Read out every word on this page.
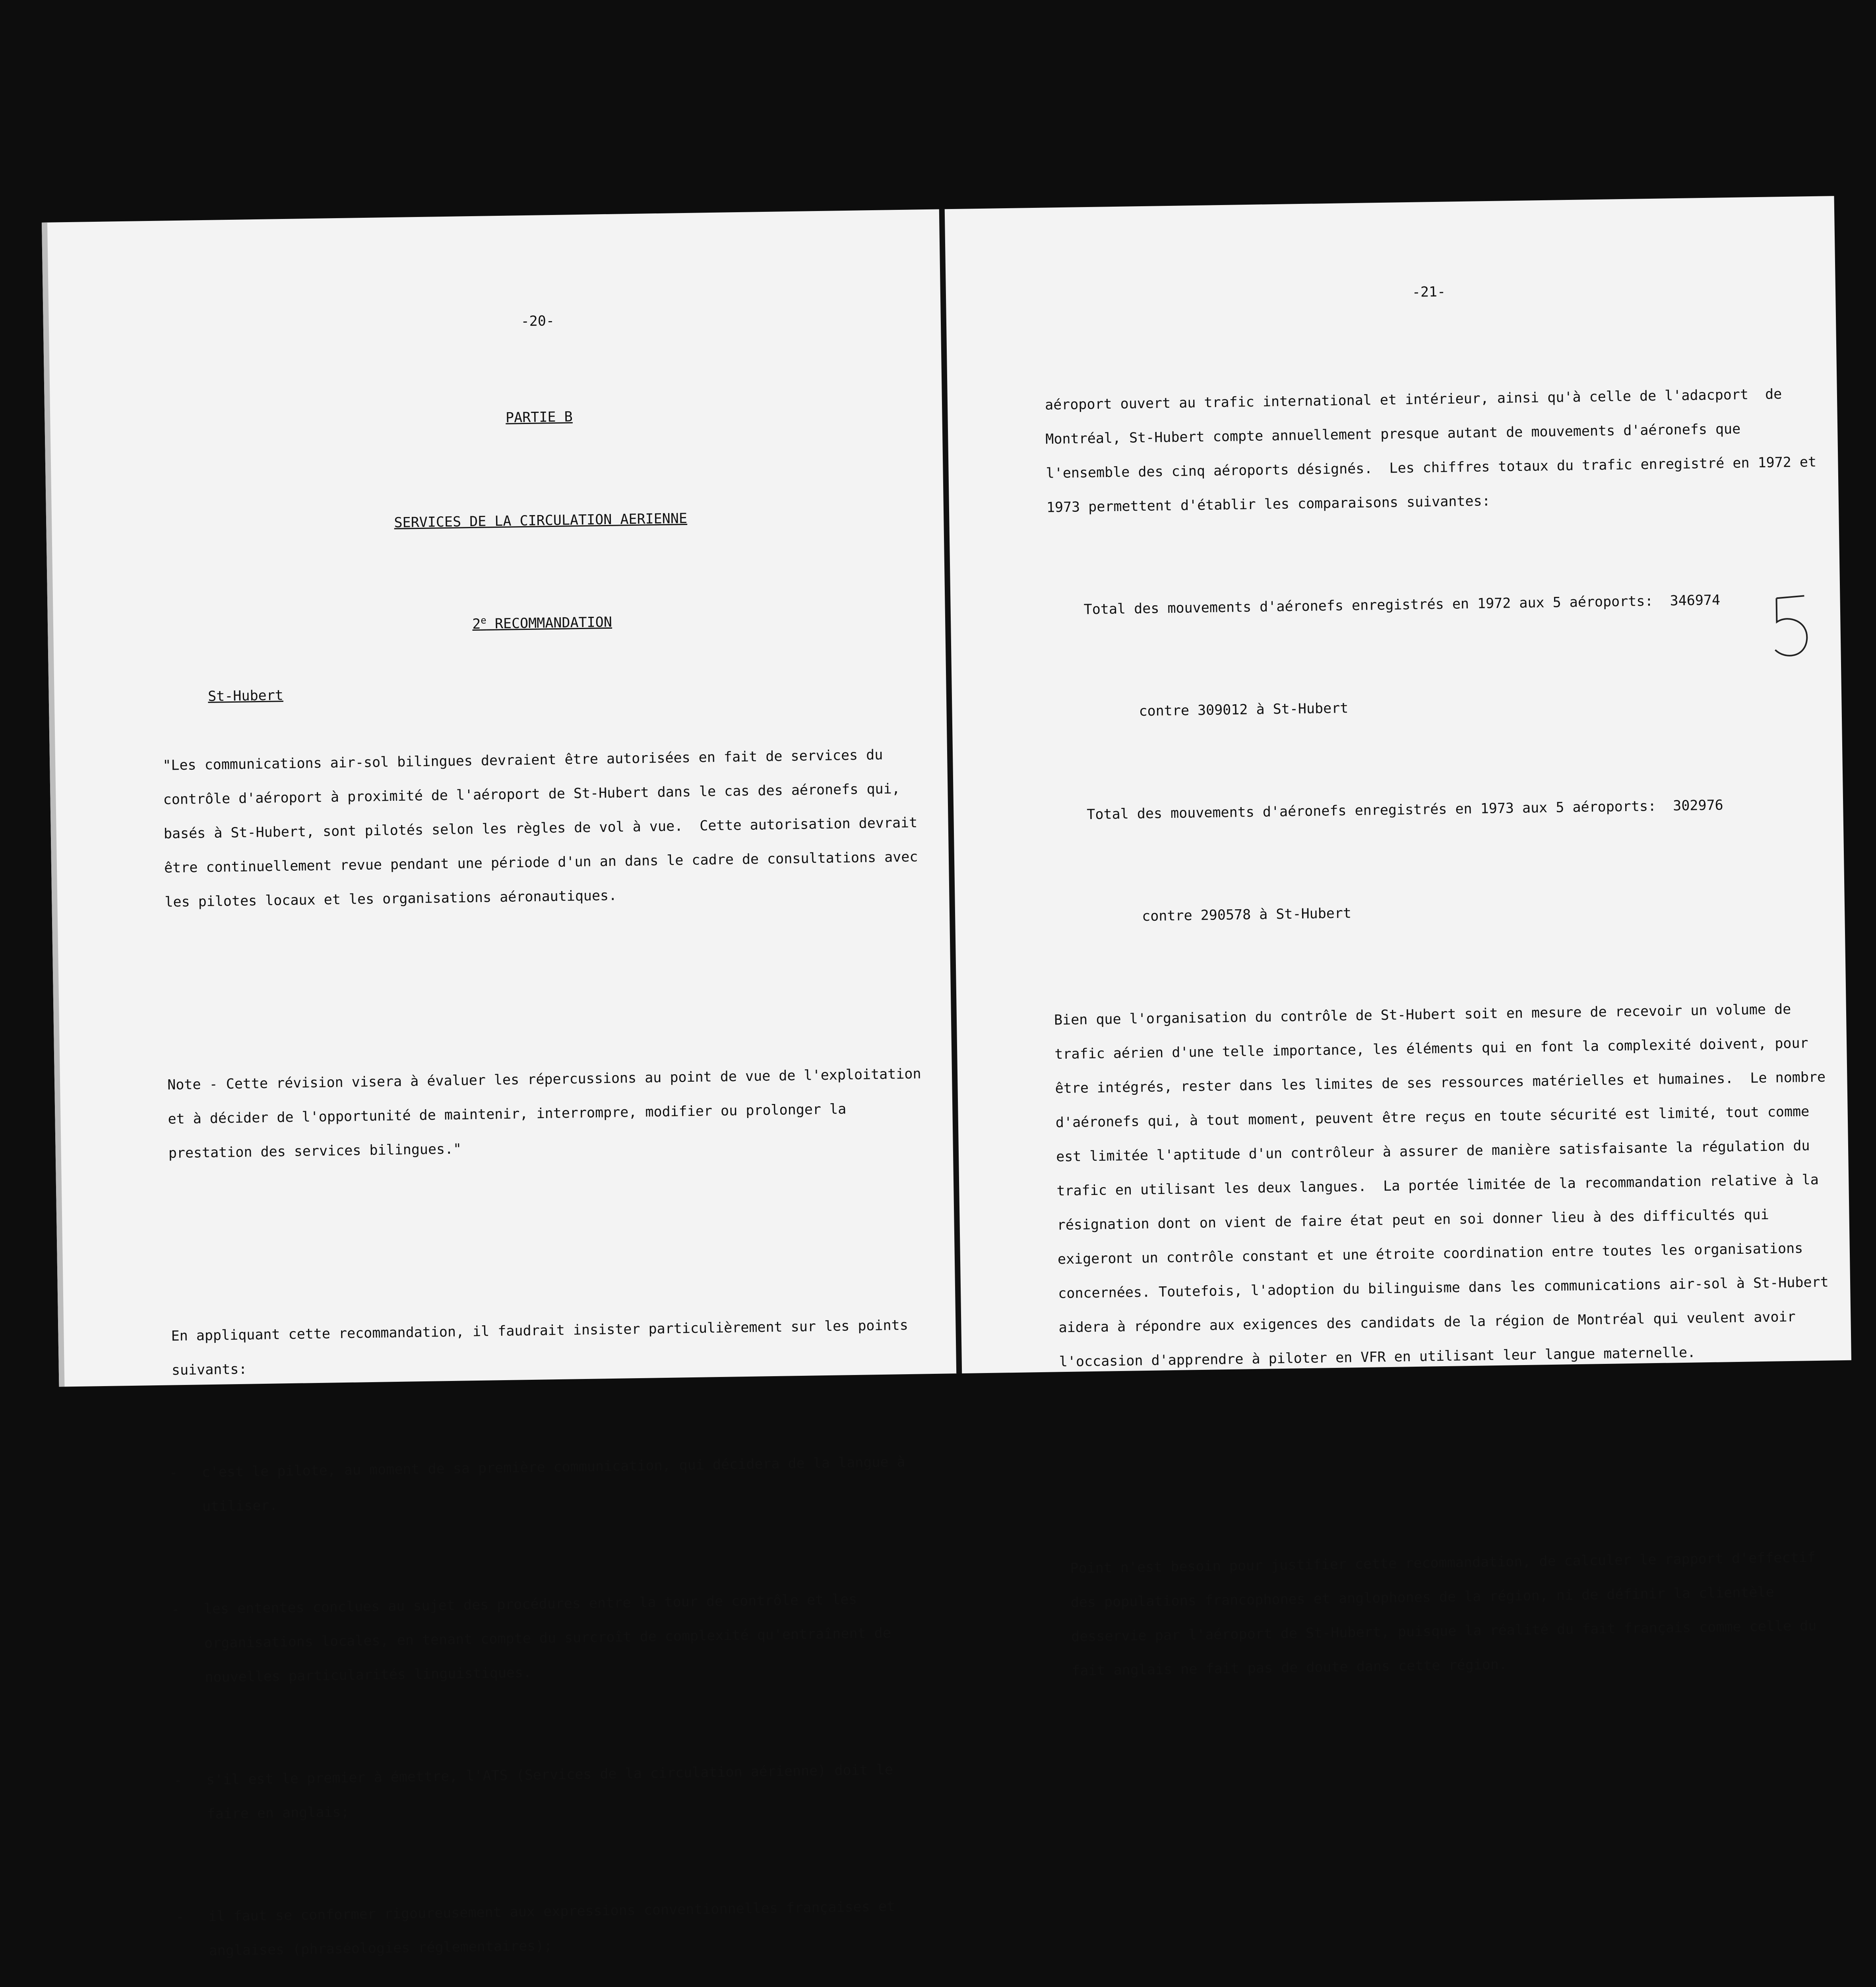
-20-

PARTIE B

SERVICES DE LA CIRCULATION AERIENNE

2e RECOMMANDATION

St-Hubert

"Les communications air-sol bilingues devraient être autorisées en fait de services du contrôle d'aéroport à proximité de l'aéroport de St-Hubert dans le cas des aéronefs qui, basés à St-Hubert, sont pilotés selon les règles de vol à vue.  Cette autorisation devrait être continuellement revue pendant une période d'un an dans le cadre de consultations avec les pilotes locaux et les organisations aéronautiques.

Note - Cette révision visera à évaluer les répercussions au point de vue de l'exploitation et à décider de l'opportunité de maintenir, interrompre, modifier ou prolonger la prestation des services bilingues."

En appliquant cette recommandation, il faudrait insister particulièrement sur les points suivants:

- c'est le pilote, au moment de sa première communication, qui décidera de la langue à utiliser.

- les ententes conclues au sujet des procédures entre la tour de contrôle et les organisations locales, en tenant compte du surcroît de complexité qu'entraînent de nouvelles particularités linguistiques.

- s'il est le premier à émettre, l'ATS (Services de la circulation aérienne) doit le faire en anglais;

- il faut se conformer rigoureusement aux expressions conventionnelles françaises et anglaises (phraséologies réglementaires);

-21-

aéroport ouvert au trafic international et intérieur, ainsi qu'à celle de l'adacport  de Montréal, St-Hubert compte annuellement presque autant de mouvements d'aéronefs que l'ensemble des cinq aéroports désignés.  Les chiffres totaux du trafic enregistré en 1972 et 1973 permettent d'établir les comparaisons suivantes:

Total des mouvements d'aéronefs enregistrés en 1972 aux 5 aéroports:  346974

contre 309012 à St-Hubert

Total des mouvements d'aéronefs enregistrés en 1973 aux 5 aéroports:  302976

contre 290578 à St-Hubert

Bien que l'organisation du contrôle de St-Hubert soit en mesure de recevoir un volume de trafic aérien d'une telle importance, les éléments qui en font la complexité doivent, pour être intégrés, rester dans les limites de ses ressources matérielles et humaines.  Le nombre d'aéronefs qui, à tout moment, peuvent être reçus en toute sécurité est limité, tout comme est limitée l'aptitude d'un contrôleur à assurer de manière satisfaisante la régulation du trafic en utilisant les deux langues.  La portée limitée de la recommandation relative à la résignation dont on vient de faire état peut en soi donner lieu à des difficultés qui exigeront un contrôle constant et une étroite coordination entre toutes les organisations concernées. Toutefois, l'adoption du bilinguisme dans les communications air-sol à St-Hubert aidera à répondre aux exigences des candidats de la région de Montréal qui veulent avoir l'occasion d'apprendre à piloter en VFR en utilisant leur langue maternelle.

Point n'est besoin pour justifier cette recommandation, de calculer le rapport d'effectif des populations francophones et anglophones de la région, ni de définir la clientèle desservie par l'aéroport de St-Hubert, puisque la réalité du fait français comme celle du fait anglais ne fait pas de doute dans cette région.
